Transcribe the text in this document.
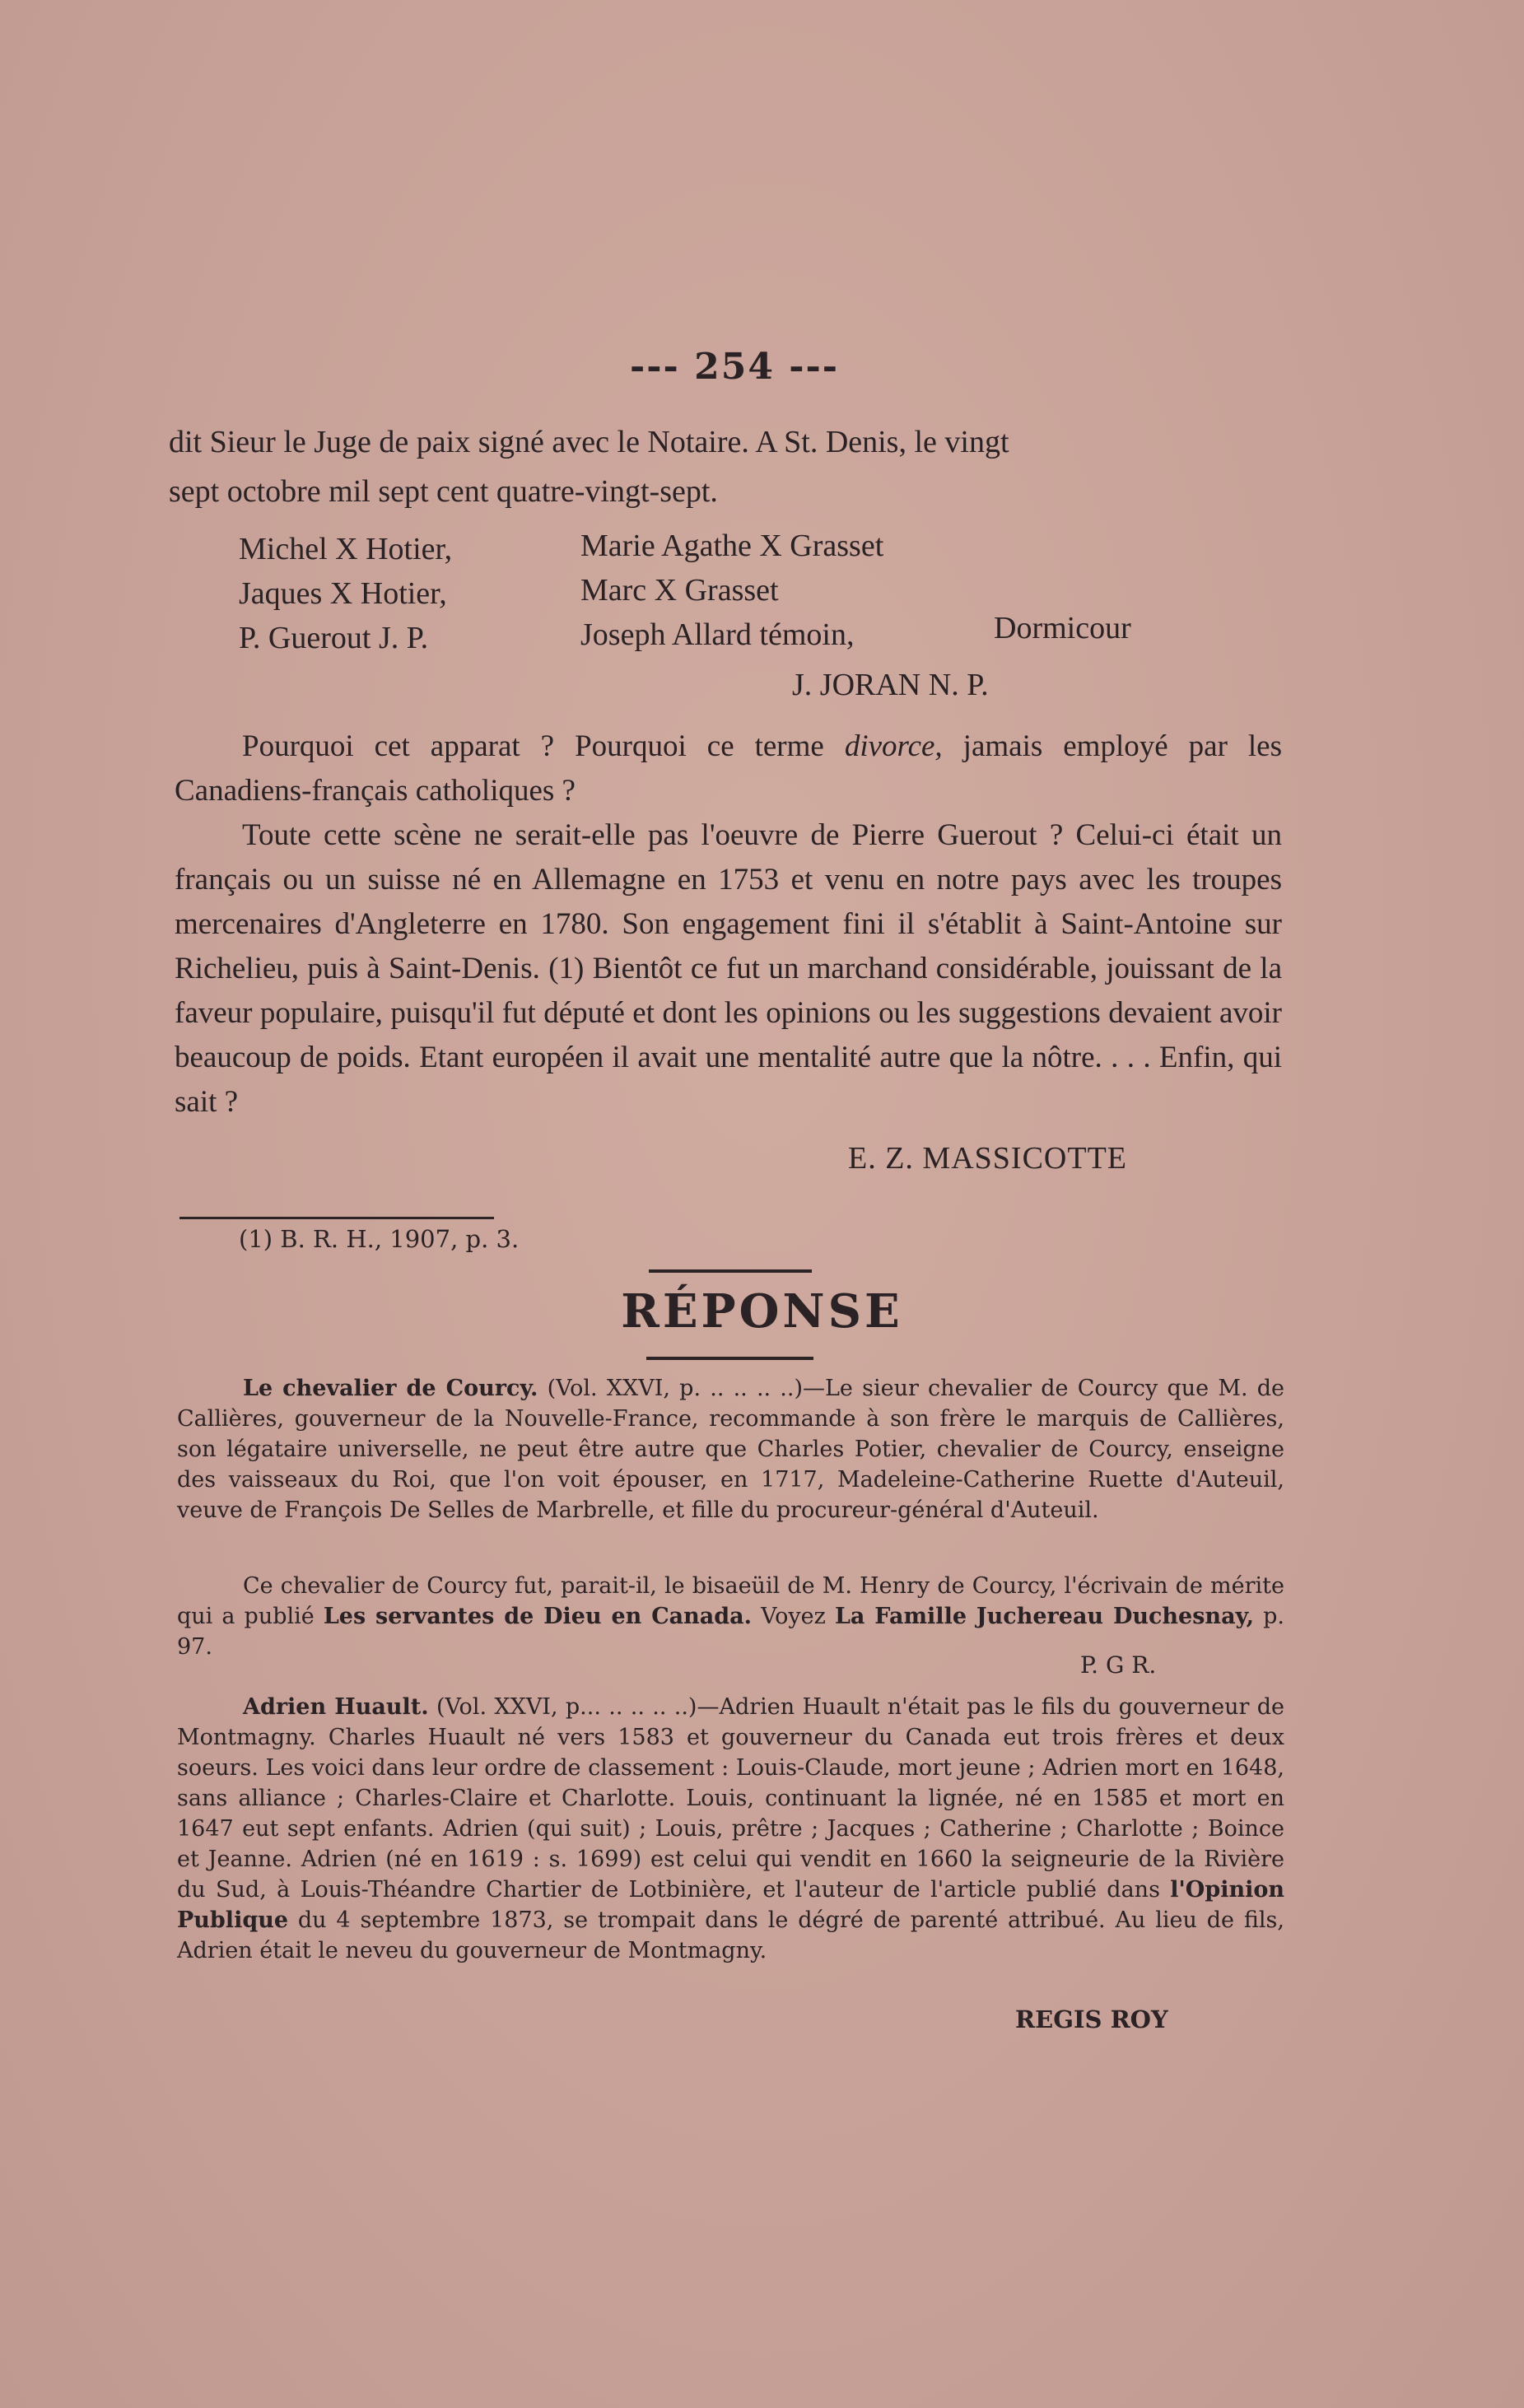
--- 254 ---
dit Sieur le Juge de paix signé avec le Notaire. A St. Denis, le vingt
sept octobre mil sept cent quatre-vingt-sept.
Michel X Hotier,
Jaques X Hotier,
P. Guerout J. P.
Marie Agathe X Grasset
Marc X Grasset
Joseph Allard témoin,	Dormicour
J. JORAN N. P.
Pourquoi cet apparat ? Pourquoi ce terme divorce, jamais employé par les Canadiens-français catholiques ?
Toute cette scène ne serait-elle pas l'oeuvre de Pierre Guerout ? Celui-ci était un français ou un suisse né en Allemagne en 1753 et venu en notre pays avec les troupes mercenaires d'Angleterre en 1780. Son engagement fini il s'établit à Saint-Antoine sur Richelieu, puis à Saint-Denis. (1) Bientôt ce fut un marchand considérable, jouissant de la faveur populaire, puisqu'il fut député et dont les opinions ou les suggestions devaient avoir beaucoup de poids. Etant européen il avait une mentalité autre que la nôtre. . . . Enfin, qui sait ?
E. Z. MASSICOTTE
(1) B. R. H., 1907, p. 3.
RÉPONSE
Le chevalier de Courcy. (Vol. XXVI, p. .. .. .. ..)—Le sieur chevalier de Courcy que M. de Callières, gouverneur de la Nouvelle-France, recommande à son frère le marquis de Callières, son légataire universelle, ne peut être autre que Charles Potier, chevalier de Courcy, enseigne des vaisseaux du Roi, que l'on voit épouser, en 1717, Madeleine-Catherine Ruette d'Auteuil, veuve de François De Selles de Marbrelle, et fille du procureur-général d'Auteuil.
Ce chevalier de Courcy fut, parait-il, le bisaeüil de M. Henry de Courcy, l'écrivain de mérite qui a publié Les servantes de Dieu en Canada. Voyez La Famille Juchereau Duchesnay, p. 97.
P. G R.
Adrien Huault. (Vol. XXVI, p... .. .. .. ..)—Adrien Huault n'était pas le fils du gouverneur de Montmagny. Charles Huault né vers 1583 et gouverneur du Canada eut trois frères et deux soeurs. Les voici dans leur ordre de classement : Louis-Claude, mort jeune ; Adrien mort en 1648, sans alliance ; Charles-Claire et Charlotte. Louis, continuant la lignée, né en 1585 et mort en 1647 eut sept enfants. Adrien (qui suit) ; Louis, prêtre ; Jacques ; Catherine ; Charlotte ; Boince et Jeanne. Adrien (né en 1619 : s. 1699) est celui qui vendit en 1660 la seigneurie de la Rivière du Sud, à Louis-Théandre Chartier de Lotbinière, et l'auteur de l'article publié dans l'Opinion Publique du 4 septembre 1873, se trompait dans le dégré de parenté attribué. Au lieu de fils, Adrien était le neveu du gouverneur de Montmagny.
REGIS ROY
